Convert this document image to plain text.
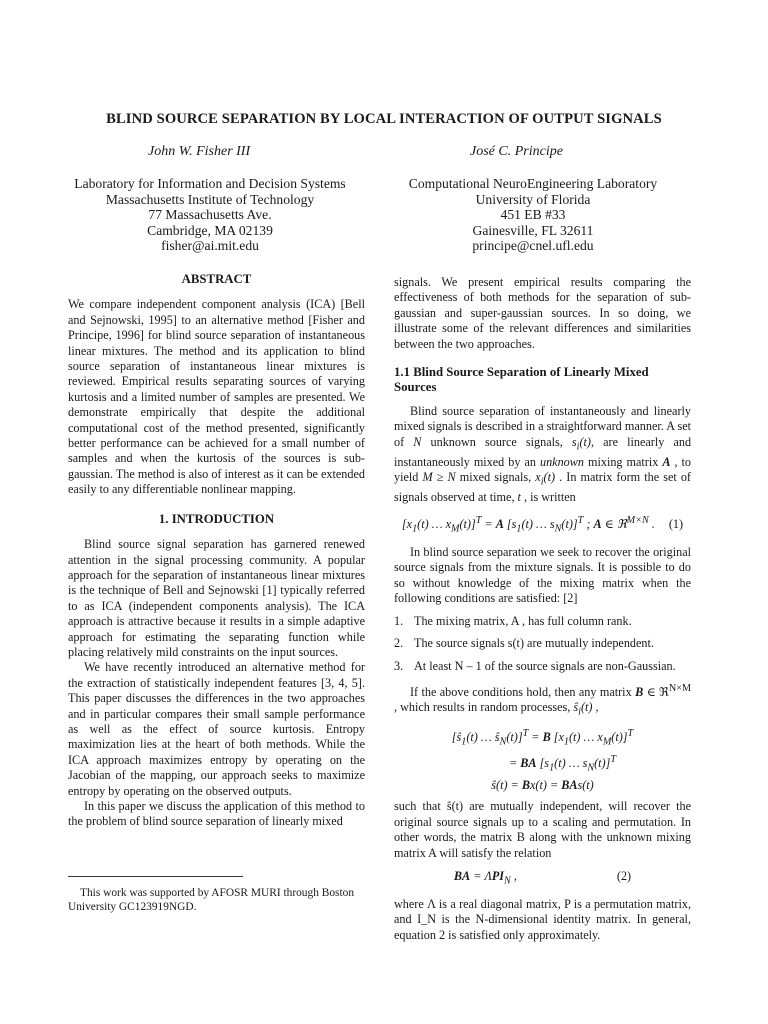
BLIND SOURCE SEPARATION BY LOCAL INTERACTION OF OUTPUT SIGNALS
John W. Fisher III	José C. Principe
Laboratory for Information and Decision Systems
Massachusetts Institute of Technology
77 Massachusetts Ave.
Cambridge, MA 02139
fisher@ai.mit.edu
Computational NeuroEngineering Laboratory
University of Florida
451 EB #33
Gainesville, FL 32611
principe@cnel.ufl.edu
ABSTRACT

We compare independent component analysis (ICA) [Bell and Sejnowski, 1995] to an alternative method [Fisher and Principe, 1996] for blind source separation of instantaneous linear mixtures. The method and its application to blind source separation of instantaneous linear mixtures is reviewed. Empirical results separating sources of varying kurtosis and a limited number of samples are presented. We demonstrate empirically that despite the additional computational cost of the method presented, significantly better performance can be achieved for a small number of samples and when the kurtosis of the sources is sub-gaussian. The method is also of interest as it can be extended easily to any differentiable nonlinear mapping.

1. INTRODUCTION

Blind source signal separation has garnered renewed attention in the signal processing community. A popular approach for the separation of instantaneous linear mixtures is the technique of Bell and Sejnowski [1] typically referred to as ICA (independent components analysis). The ICA approach is attractive because it results in a simple adaptive approach for estimating the separating function while placing relatively mild constraints on the input sources.

We have recently introduced an alternative method for the extraction of statistically independent features [3, 4, 5]. This paper discusses the differences in the two approaches and in particular compares their small sample performance as well as the effect of source kurtosis. Entropy maximization lies at the heart of both methods. While the ICA approach maximizes entropy by operating on the Jacobian of the mapping, our approach seeks to maximize entropy by operating on the observed outputs.

In this paper we discuss the application of this method to the problem of blind source separation of linearly mixed

This work was supported by AFOSR MURI through Boston
University GC123919NGD.

signals. We present empirical results comparing the effectiveness of both methods for the separation of sub-gaussian and super-gaussian sources. In so doing, we illustrate some of the relevant differences and similarities between the two approaches.

1.1 Blind Source Separation of Linearly Mixed Sources

Blind source separation of instantaneously and linearly mixed signals is described in a straightforward manner. A set of N unknown source signals, $s_i(t)$, are linearly and instantaneously mixed by an unknown mixing matrix A , to yield M ≥ N mixed signals, $x_i(t)$ . In matrix form the set of signals observed at time, t , is written

[$x_1(t)$ … $x_M(t)]^T = A$ [$s_1(t)$ … $s_N(t)]^T$ ; A ∈ ℜ$^{M\times N}$ . (1)

In blind source separation we seek to recover the original source signals from the mixture signals. It is possible to do so without knowledge of the mixing matrix when the following conditions are satisfied: [2]

1. The mixing matrix, A , has full column rank.
2. The source signals s(t) are mutually independent.
3. At least N – 1 of the source signals are non-Gaussian.

If the above conditions hold, then any matrix B ∈ ℜ$^{N\times M}$ , which results in random processes, $ŝ_i(t)$ ,

[$ŝ_1(t)$ … $ŝ_N(t)]^T = B$ [$x_1(t)$ … $x_M(t)]^T$
= BA [$s_1(t)$ … $s_N(t)]^T$
ŝ(t) = Bx(t) = BAs(t)

such that ŝ(t) are mutually independent, will recover the original source signals up to a scaling and permutation. In other words, the matrix B along with the unknown mixing matrix A will satisfy the relation

BA = $\Lambda PI_N$ ,	(2)

where Λ is a real diagonal matrix, P is a permutation matrix, and I_N is the N-dimensional identity matrix. In general, equation 2 is satisfied only approximately.
